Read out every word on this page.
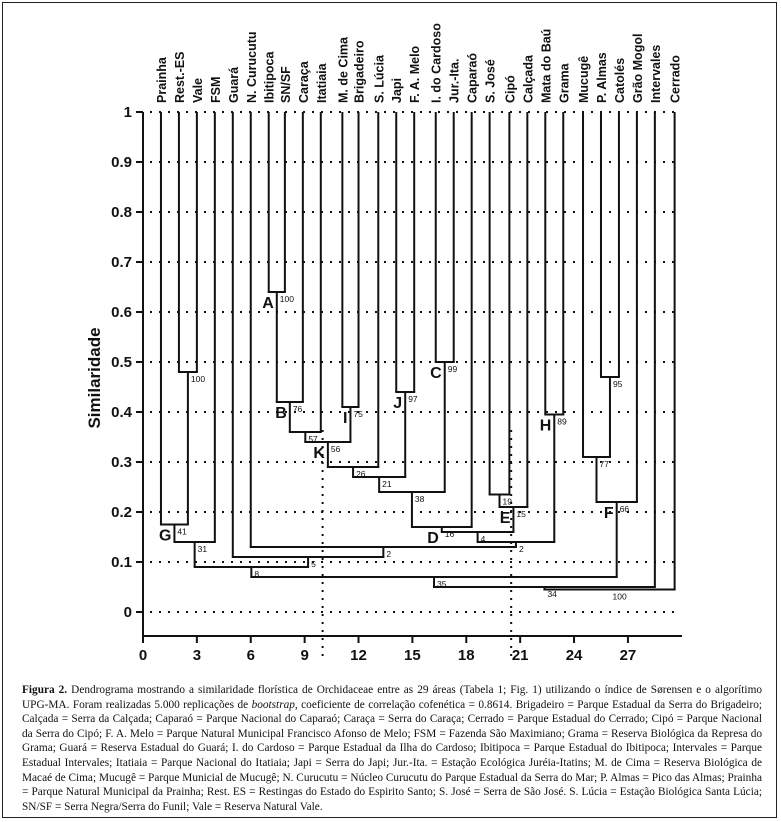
0
0.1
0.2
0.3
0.4
0.5
0.6
0.7
0.8
0.9
1
0	3	6	9	12 15 18 21 24 27
100
A
100
76
B	75
I
57
56
K
26
97
J
21
99
C
38
16
D
19
15
E
4
89
H
2
95
77
66
F
41
G
31	2
5
8
35
34	100
Prainha Rest.-ES Vale FSM Guará N. Curucutu Ibitipoca SN/SF Caraça Itatiaia M. de Cima Brigadeiro S. Lúcia Japi F. A. Melo I. do Cardoso Jur.-Ita. Caparaó S. José Cipó Calçada Mata do Baú Grama Mucugê P. Almas Catolés Grão Mogol Intervales Cerrado
Similaridade
Figura 2. Dendrograma mostrando a similaridade florística de Orchidaceae entre as 29 áreas (Tabela 1; Fig. 1) utilizando o índice de Sørensen e o algorítimo UPG-MA. Foram realizadas 5.000 replicações de bootstrap, coeficiente de correlação cofenética = 0.8614. Brigadeiro = Parque Estadual da Serra do Brigadeiro; Calçada = Serra da Calçada; Caparaó = Parque Nacional do Caparaó; Caraça = Serra do Caraça; Cerrado = Parque Estadual do Cerrado; Cipó = Parque Nacional da Serra do Cipó; F. A. Melo = Parque Natural Municipal Francisco Afonso de Melo; FSM = Fazenda São Maximiano; Grama = Reserva Biológica da Represa do Grama; Guará = Reserva Estadual do Guará; I. do Cardoso = Parque Estadual da Ilha do Cardoso; Ibitipoca = Parque Estadual do Ibitipoca; Intervales = Parque Estadual Intervales; Itatiaia = Parque Nacional do Itatiaia; Japi = Serra do Japi; Jur.-Ita. = Estação Ecológica Juréia-Itatins; M. de Cima = Reserva Biológica de Macaé de Cima; Mucugê = Parque Municial de Mucugê; N. Curucutu = Núcleo Curucutu do Parque Estadual da Serra do Mar; P. Almas = Pico das Almas; Prainha = Parque Natural Municipal da Prainha; Rest. ES = Restingas do Estado do Espirito Santo; S. José = Serra de São José. S. Lúcia = Estação Biológica Santa Lúcia; SN/SF = Serra Negra/Serra do Funil; Vale = Reserva Natural Vale.
